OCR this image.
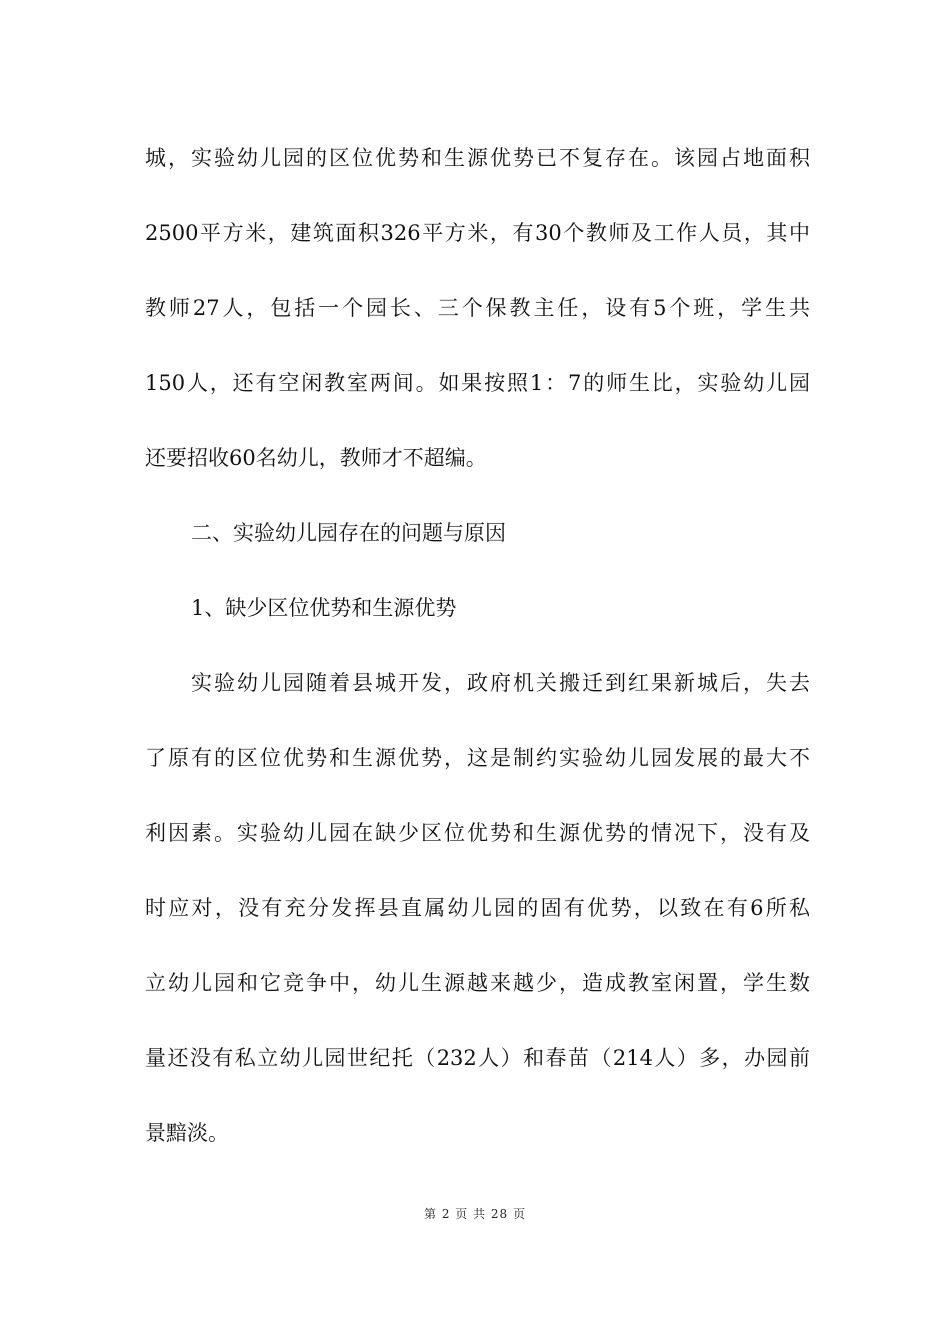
城，实验幼儿园的区位优势和生源优势已不复存在。该园占地面积
2500平方米，建筑面积326平方米，有30个教师及工作人员，其中
教师27人，包括一个园长、三个保教主任，设有5个班，学生共
150人，还有空闲教室两间。如果按照1：7的师生比，实验幼儿园
还要招收60名幼儿，教师才不超编。
二、实验幼儿园存在的问题与原因
1、缺少区位优势和生源优势
实验幼儿园随着县城开发，政府机关搬迁到红果新城后，失去
了原有的区位优势和生源优势，这是制约实验幼儿园发展的最大不
利因素。实验幼儿园在缺少区位优势和生源优势的情况下，没有及
时应对，没有充分发挥县直属幼儿园的固有优势，以致在有6所私
立幼儿园和它竞争中，幼儿生源越来越少，造成教室闲置，学生数
量还没有私立幼儿园世纪托（232人）和春苗（214人）多，办园前
景黯淡。
第 2 页 共 28 页
